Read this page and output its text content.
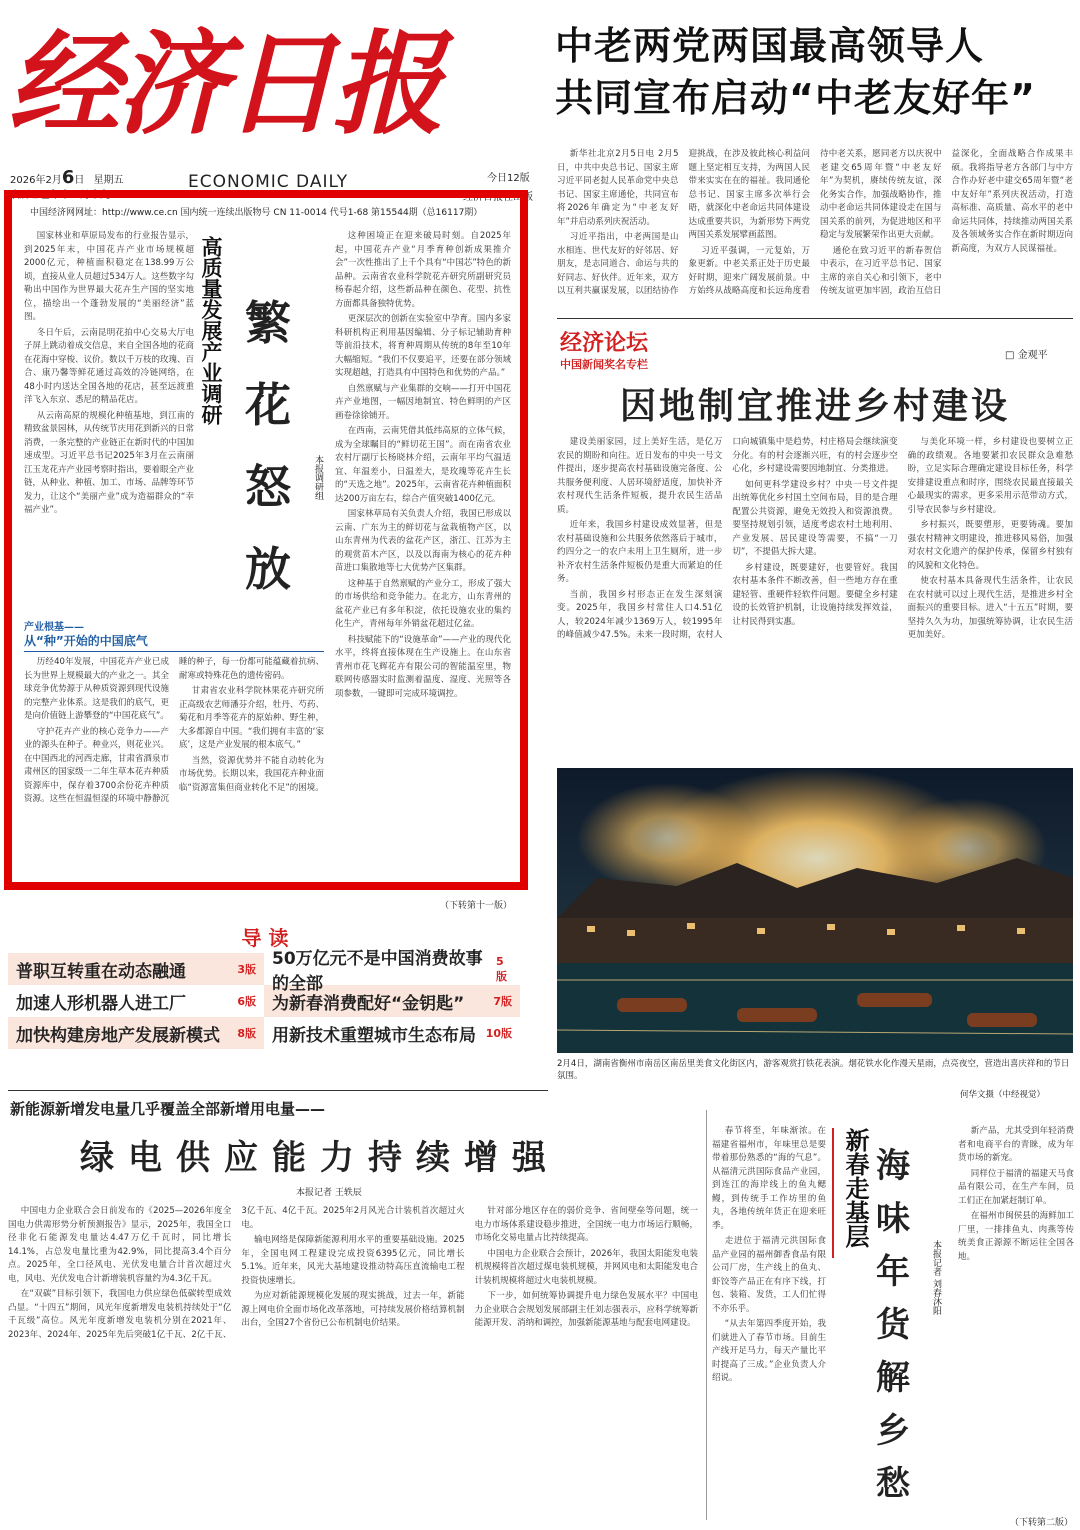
经济日报
2026年2月6日 星期五
农历乙巳年十二月十九
ECONOMIC DAILY	今日12版
经济日报社出版
中国经济网网址：http://www.ce.cn 国内统一连续出版物号 CN 11-0014 代号1-68 第15544期（总16117期）
中老两党两国最高领导人
共同宣布启动“中老友好年”

新华社北京2月5日电 2月5日，中共中央总书记、国家主席习近平同老挝人民革命党中央总书记、国家主席通伦，共同宣布将2026年确定为“中老友好年”并启动系列庆祝活动。

习近平指出，中老两国是山水相连、世代友好的好邻居、好朋友，是志同道合、命运与共的好同志、好伙伴。近年来，双方以互利共赢谋发展，以团结协作迎挑战，在涉及彼此核心利益问题上坚定相互支持，为两国人民带来实实在在的福祉。我同通伦总书记、国家主席多次举行会晤，就深化中老命运共同体建设达成重要共识，为新形势下两党两国关系发展擘画蓝图。

习近平强调，一元复始，万象更新。中老关系正处于历史最好时期，迎来广阔发展前景。中方始终从战略高度和长远角度看待中老关系，愿同老方以庆祝中老建交65周年暨“中老友好年”为契机，赓续传统友谊，深化务实合作，加强战略协作，推动中老命运共同体建设走在国与国关系的前列，为促进地区和平稳定与发展繁荣作出更大贡献。

通伦在致习近平的新春贺信中表示，在习近平总书记、国家主席的亲自关心和引领下，老中传统友谊更加牢固，政治互信日益深化，全面战略合作成果丰硕。我将指导老方各部门与中方合作办好老中建交65周年暨“老中友好年”系列庆祝活动，打造高标准、高质量、高水平的老中命运共同体，持续推动两国关系及各领域务实合作在新时期迈向新高度，为双方人民谋福祉。

国家林业和草原局发布的行业报告显示，到2025年末，中国花卉产业市场规模超2000亿元，种植面积稳定在138.99万公顷，直接从业人员超过534万人。这些数字勾勒出中国作为世界最大花卉生产国的坚实地位，描绘出一个蓬勃发展的“美丽经济”蓝图。

冬日午后，云南昆明花拍中心交易大厅电子屏上跳动着成交信息，来自全国各地的花商在花海中穿梭、议价。数以千万枝的玫瑰、百合、康乃馨等鲜花通过高效的冷链网络，在48小时内送达全国各地的花店，甚至远渡重洋飞入东京、悉尼的精品花店。

从云南高原的规模化种植基地，到江南的精致盆景园林，从传统节庆用花到新兴的日常消费，一条完整的产业链正在新时代的中国加速成型。习近平总书记2025年3月在云南丽江玉龙花卉产业园考察时指出，要着眼全产业链，从种业、种植、加工、市场、品牌等环节发力，让这个“美丽产业”成为造福群众的“幸福产业”。

高质量发展产业调研 繁
花
怒
放
本报调研组

这种困境正在迎来破局时刻。自2025年起，中国花卉产业“月季育种创新成果推介会”一次性推出了上千个具有“中国芯”特色的新品种。云南省农业科学院花卉研究所副研究员杨春起介绍，这些新品种在颜色、花型、抗性方面都具备独特优势。

更深层次的创新在实验室中孕育。国内多家科研机构正利用基因编辑、分子标记辅助育种等前沿技术，将育种周期从传统的8年至10年大幅缩短。“我们不仅要追平，还要在部分领域实现超越，打造具有中国特色和优势的产品。”

自然禀赋与产业集群的交响——打开中国花卉产业地图，一幅因地制宜、特色鲜明的产区画卷徐徐铺开。

在西南，云南凭借其低纬高原的立体气候，成为全球瞩目的“鲜切花王国”。而在南省农业农村厅副厅长杨晓林介绍，云南年平均气温适宜、年温差小，日温差大，是玫瑰等花卉生长的“天选之地”。2025年，云南省花卉种植面积达200万亩左右，综合产值突破1400亿元。

国家林草局有关负责人介绍，我国已形成以云南、广东为主的鲜切花与盆栽植物产区，以山东青州为代表的盆花产区，浙江、江苏为主的观赏苗木产区，以及以海南为核心的花卉种苗进口集散地等七大优势产区集群。

这种基于自然禀赋的产业分工，形成了强大的市场供给和竞争能力。在北方，山东青州的盆花产业已有多年积淀，依托设施农业的集约化生产，青州每年外销盆花超过亿盆。

科技赋能下的“设施革命”——产业的现代化水平，终将直接体现在生产设施上。在山东省青州市花飞辉花卉有限公司的智能温室里，物联网传感器实时监测着温度、湿度、光照等各项参数，一键即可完成环境调控。

产业根基——
从“种”开始的中国底气

历经40年发展，中国花卉产业已成长为世界上规模最大的产业之一。其全球竞争优势源于从种质资源到现代设施的完整产业体系。这是我们的底气，更是向价值链上游攀登的“中国花底气”。

守护花卉产业的核心竞争力——产业的源头在种子。种业兴，则花业兴。在中国西北的河西走廊，甘肃省酒泉市肃州区的国家级一二年生草本花卉种质资源库中，保存着3700余份花卉种质资源。这些在恒温恒湿的环境中静静沉睡的种子，每一份都可能蕴藏着抗病、耐寒或特殊花色的遗传密码。

甘肃省农业科学院林果花卉研究所正高级农艺师潘芬介绍，牡丹、芍药、菊花和月季等花卉的原始种、野生种，大多都源自中国。“我们拥有丰富的‘家底’，这是产业发展的根本底气。”

当然，资源优势并不能自动转化为市场优势。长期以来，我国花卉种业面临“资源富集但商业转化不足”的困境。

（下转第十一版）
导 读
普职互转重在动态融通	3版
50万亿元不是中国消费故事的全部
5版
加速人形机器人进工厂	6版 为新春消费配好“金钥匙”	7版
加快构建房地产发展新模式 8版 用新技术重塑城市生态布局 10版
经济论坛
中国新闻奖名专栏
□ 金观平
因地制宜推进乡村建设

建设美丽家园，过上美好生活，是亿万农民的期盼和向往。近日发布的中央一号文件提出，逐步提高农村基础设施完备度、公共服务便利度、人居环境舒适度，加快补齐农村现代生活条件短板，提升农民生活品质。

近年来，我国乡村建设成效显著，但是农村基础设施和公共服务依然落后于城市，约四分之一的农户未用上卫生厕所，进一步补齐农村生活条件短板仍是重大而紧迫的任务。

当前，我国乡村形态正在发生深刻演变。2025年，我国乡村常住人口4.51亿人，较2024年减少1369万人，较1995年的峰值减少47.5%。未来一段时期，农村人口向城镇集中是趋势，村庄格局会继续演变分化。有的村会逐渐兴旺，有的村会逐步空心化，乡村建设需要因地制宜、分类推进。

如何更科学建设乡村？中央一号文件提出统筹优化乡村国土空间布局，目的是合理配置公共资源，避免无效投入和资源浪费。要坚持规划引领，适度考虑农村土地利用、产业发展、居民建设等需要，不搞“一刀切”，不提倡大拆大建。

乡村建设，既要建好，也要管好。我国农村基本条件不断改善，但一些地方存在重建轻管、重硬件轻软件问题。要健全乡村建设的长效管护机制，让设施持续发挥效益，让村民得到实惠。

与美化环境一样，乡村建设也要树立正确的政绩观。各地要紧扣农民群众急难愁盼，立足实际合理确定建设目标任务，科学安排建设重点和时序，围绕农民最直接最关心最现实的需求，更多采用示范带动方式，引导农民参与乡村建设。

乡村振兴，既要塑形，更要铸魂。要加强农村精神文明建设，推进移风易俗，加强对农村文化遗产的保护传承，保留乡村独有的风貌和文化特色。

使农村基本具备现代生活条件，让农民在农村就可以过上现代生活，是推进乡村全面振兴的重要目标。进入“十五五”时期，要坚持久久为功，加强统筹协调，让农民生活更加美好。

2月4日，湖南省衡州市南岳区南岳里美食文化街区内，游客观赏打铁花表演。烟花铁水化作漫天星雨，点亮夜空，营造出喜庆祥和的节日氛围。
何华文摄（中经视觉）
新能源新增发电量几乎覆盖全部新增用电量——
绿电供应能力持续增强
本报记者 王轶辰

中国电力企业联合会日前发布的《2025—2026年度全国电力供需形势分析预测报告》显示，2025年，我国全口径非化石能源发电量达4.47万亿千瓦时，同比增长14.1%，占总发电量比重为42.9%，同比提高3.4个百分点。2025年，全口径风电、光伏发电量合计首次超过火电，风电、光伏发电合计新增装机容量约为4.3亿千瓦。

在“双碳”目标引领下，我国电力供应绿色低碳转型成效凸显。“十四五”期间，风光年度新增发电装机持续处于“亿千瓦级”高位。风光年度新增发电装机分别在2021年、2023年、2024年、2025年先后突破1亿千瓦、2亿千瓦、3亿千瓦、4亿千瓦。2025年2月风光合计装机首次超过火电。

输电网络是保障新能源利用水平的重要基础设施。2025年，全国电网工程建设完成投资6395亿元，同比增长5.1%。近年来，风光大基地建设推动特高压直流输电工程投资快速增长。

为应对新能源规模化发展的现实挑战，过去一年，新能源上网电价全面市场化改革落地，可持续发展价格结算机制出台，全国27个省份已公布机制电价结果。

针对部分地区存在的弱价竞争、省间壁垒等问题，统一电力市场体系建设稳步推进，全国统一电力市场运行顺畅，市场化交易电量占比持续提高。

中国电力企业联合会预计，2026年，我国太阳能发电装机规模将首次超过煤电装机规模，并网风电和太阳能发电合计装机规模将超过火电装机规模。

下一步，如何统筹协调提升电力绿色发展水平？中国电力企业联合会规划发展部副主任刘志强表示，应科学统筹新能源开发、消纳和调控，加强新能源基地与配套电网建设。

春节将至，年味渐浓。在福建省福州市，年味里总是要带着那份熟悉的“海的气息”。从福清元洪国际食品产业园，到连江的海岸线上的鱼丸鳃鳗，到传统手工作坊里的鱼丸，各地传统年货正在迎来旺季。

走进位于福清元洪国际食品产业园的福州御香食品有限公司厂房，生产线上的鱼丸、虾饺等产品正在有序下线，打包、装箱、发货，工人们忙得不亦乐乎。

“从去年第四季度开始，我们就进入了春节市场。目前生产线开足马力，每天产量比平时提高了三成。”企业负责人介绍说。

新春走基层 海
味
年
货
解
乡
愁
本报记者 刘春沐阳

新产品，尤其受到年轻消费者和电商平台的青睐，成为年货市场的新宠。

同样位于福清的福建天马食品有限公司，在生产车间，员工们正在加紧赶制订单。

在福州市闽侯县的海鲜加工厂里，一排排鱼丸、肉燕等传统美食正源源不断运往全国各地。

（下转第二版）
